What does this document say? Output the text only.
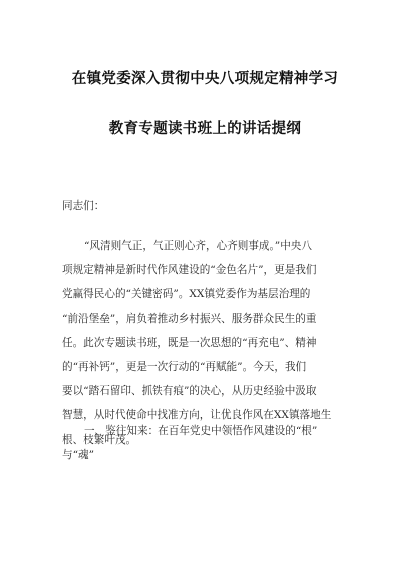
在镇党委深入贯彻中央八项规定精神学习
教育专题读书班上的讲话提纲
同志们：
“风清则气正，气正则心齐，心齐则事成。”中央八
项规定精神是新时代作风建设的“金色名片”，更是我们
党赢得民心的“关键密码”。XX镇党委作为基层治理的
“前沿堡垒”，肩负着推动乡村振兴、服务群众民生的重
任。此次专题读书班，既是一次思想的“再充电”、精神
的“再补钙”，更是一次行动的“再赋能”。今天，我们
要以“踏石留印、抓铁有痕”的决心，从历史经验中汲取
智慧，从时代使命中找准方向，让优良作风在XX镇落地生
根、枝繁叶茂。
一、鉴往知来：在百年党史中领悟作风建设的“根”
与“魂”
